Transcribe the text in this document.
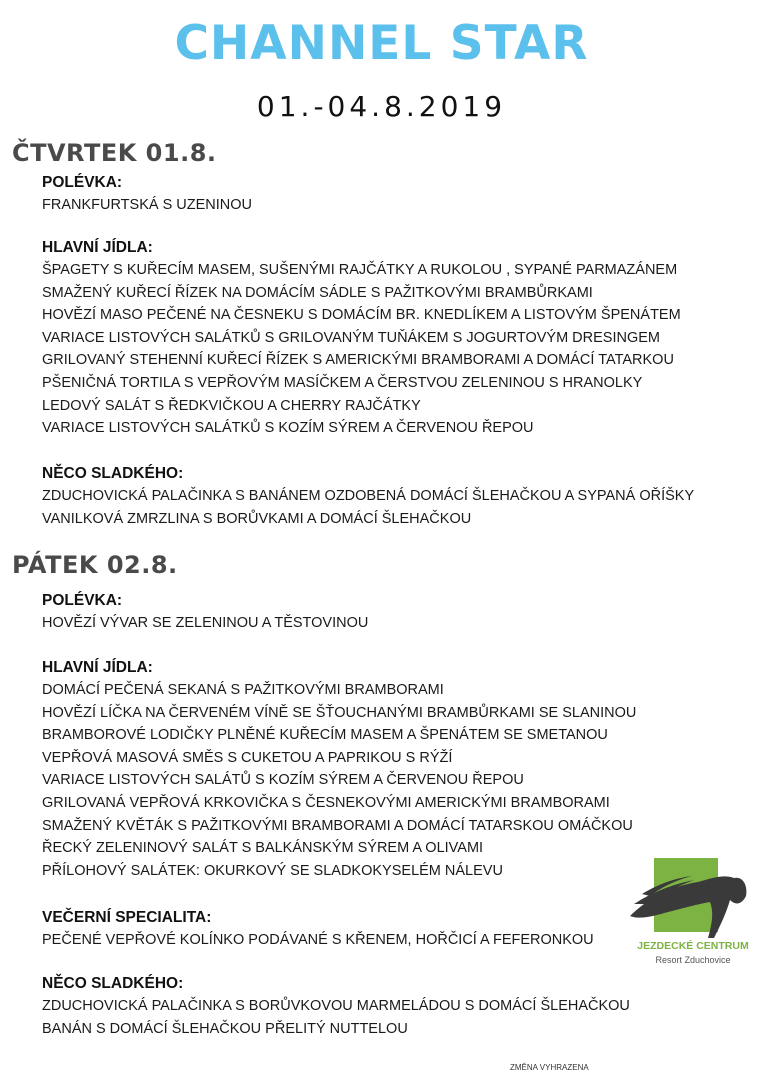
CHANNEL STAR
01.-04.8.2019
ČTVRTEK 01.8.
POLÉVKA:
FRANKFURTSKÁ S UZENINOU
HLAVNÍ JÍDLA:
ŠPAGETY S KUŘECÍM MASEM, SUŠENÝMI RAJČÁTKY A RUKOLOU , SYPANÉ PARMAZÁNEM
SMAŽENÝ KUŘECÍ ŘÍZEK NA DOMÁCÍM SÁDLE S PAŽITKOVÝMI BRAMBŮRKAMI
HOVĚZÍ MASO PEČENÉ NA ČESNEKU S DOMÁCÍM BR. KNEDLÍKEM A LISTOVÝM ŠPENÁTEM
VARIACE LISTOVÝCH SALÁTKŮ S GRILOVANÝM TUŇÁKEM S JOGURTOVÝM DRESINGEM
GRILOVANÝ STEHENNÍ KUŘECÍ ŘÍZEK S AMERICKÝMI BRAMBORAMI A DOMÁCÍ TATARKOU
PŠENIČNÁ TORTILA S VEPŘOVÝM MASÍČKEM A ČERSTVOU ZELENINOU S HRANOLKY
LEDOVÝ SALÁT S ŘEDKVIČKOU A CHERRY RAJČÁTKY
VARIACE LISTOVÝCH SALÁTKŮ S KOZÍM SÝREM A ČERVENOU ŘEPOU
NĚCO SLADKÉHO:
ZDUCHOVICKÁ PALAČINKA S BANÁNEM OZDOBENÁ DOMÁCÍ ŠLEHAČKOU A SYPANÁ OŘÍŠKY
VANILKOVÁ ZMRZLINA S BORŮVKAMI A DOMÁCÍ ŠLEHAČKOU
PÁTEK 02.8.
POLÉVKA:
HOVĚZÍ VÝVAR SE ZELENINOU A TĚSTOVINOU
HLAVNÍ JÍDLA:
DOMÁCÍ PEČENÁ SEKANÁ S PAŽITKOVÝMI BRAMBORAMI
HOVĚZÍ LÍČKA NA ČERVENÉM VÍNĚ SE ŠŤOUCHANÝMI BRAMBŮRKAMI SE SLANINOU
BRAMBOROVÉ LODIČKY PLNĚNÉ KUŘECÍM MASEM A ŠPENÁTEM SE SMETANOU
VEPŘOVÁ MASOVÁ SMĚS S CUKETOU A PAPRIKOU S RÝŽÍ
VARIACE LISTOVÝCH SALÁTŮ S KOZÍM SÝREM A ČERVENOU ŘEPOU
GRILOVANÁ VEPŘOVÁ KRKOVIČKA S ČESNEKOVÝMI AMERICKÝMI BRAMBORAMI
SMAŽENÝ KVĚTÁK S PAŽITKOVÝMI BRAMBORAMI A DOMÁCÍ TATARSKOU OMÁČKOU
ŘECKÝ ZELENINOVÝ SALÁT S BALKÁNSKÝM SÝREM A OLIVAMI
PŘÍLOHOVÝ SALÁTEK: OKURKOVÝ SE SLADKOKYSELÉM NÁLEVU
VEČERNÍ SPECIALITA:
PEČENÉ VEPŘOVÉ KOLÍNKO PODÁVANÉ S KŘENEM, HOŘČICÍ A FEFERONKOU
NĚCO SLADKÉHO:
ZDUCHOVICKÁ PALAČINKA S BORŮVKOVOU MARMELÁDOU S DOMÁCÍ ŠLEHAČKOU
BANÁN S DOMÁCÍ ŠLEHAČKOU PŘELITÝ NUTTELOU
JEZDECKÉ CENTRUM
Resort Zduchovice
ZMĚNA VYHRAZENA
